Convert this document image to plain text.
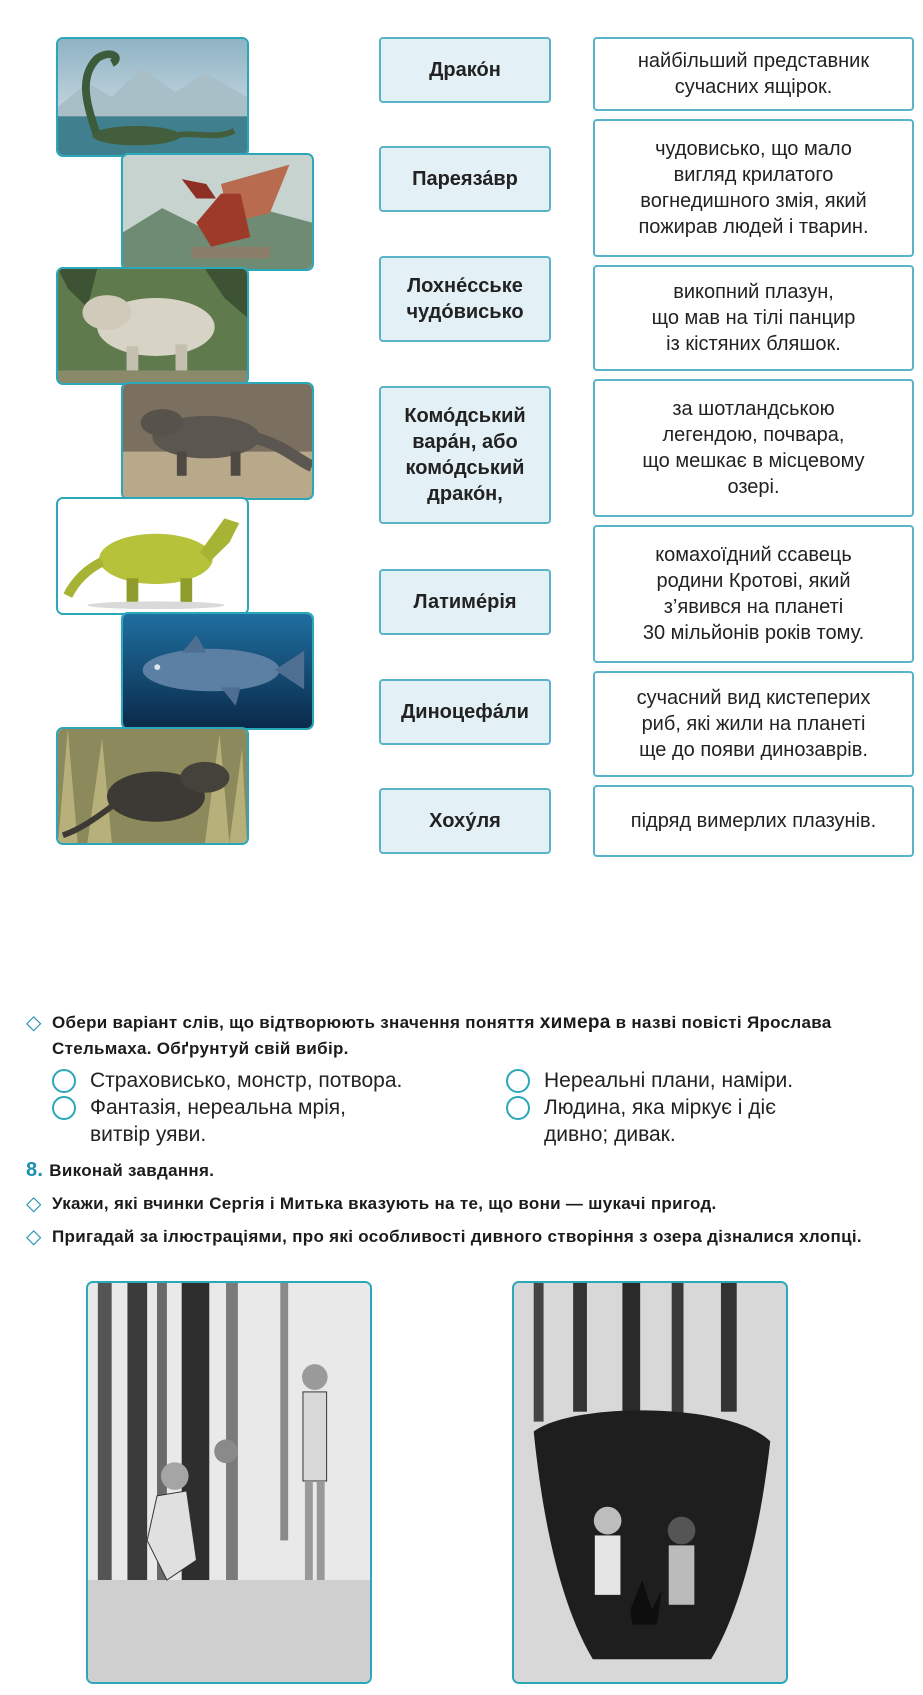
Драко́н
Пареяза́вр
Лохне́сське
чудо́висько
Комо́дський
вара́н, або
комо́дський
драко́н,
Латиме́рія
Диноцефа́ли
Хоху́ля
найбільший представник
сучасних ящірок.
чудовисько, що мало
вигляд крилатого
вогнедишного змія, який
пожирав людей і тварин.
викопний плазун,
що мав на тілі панцир
із кістяних бляшок.
за шотландською
легендою, почвара,
що мешкає в місцевому
озері.
комахоїдний ссавець
родини Кротові, який
з’явився на планеті
30 мільйонів років тому.
сучасний вид кистеперих
риб, які жили на планеті
ще до появи динозаврів.
підряд вимерлих плазунів.
◇ Обери варіант слів, що відтворюють значення поняття химера в назві повісті Ярослава Стельмаха. Обґрунтуй свій вибір.
Страховисько, монстр, потвора.
Фантазія, нереальна мрія,
витвір уяви.
Нереальні плани, наміри.
Людина, яка міркує і діє
дивно; дивак.
8. Виконай завдання.
◇ Укажи, які вчинки Сергія і Митька вказують на те, що вони — шукачі пригод.
◇ Пригадай за ілюстраціями, про які особливості дивного створіння з озера дізналися хлопці.
